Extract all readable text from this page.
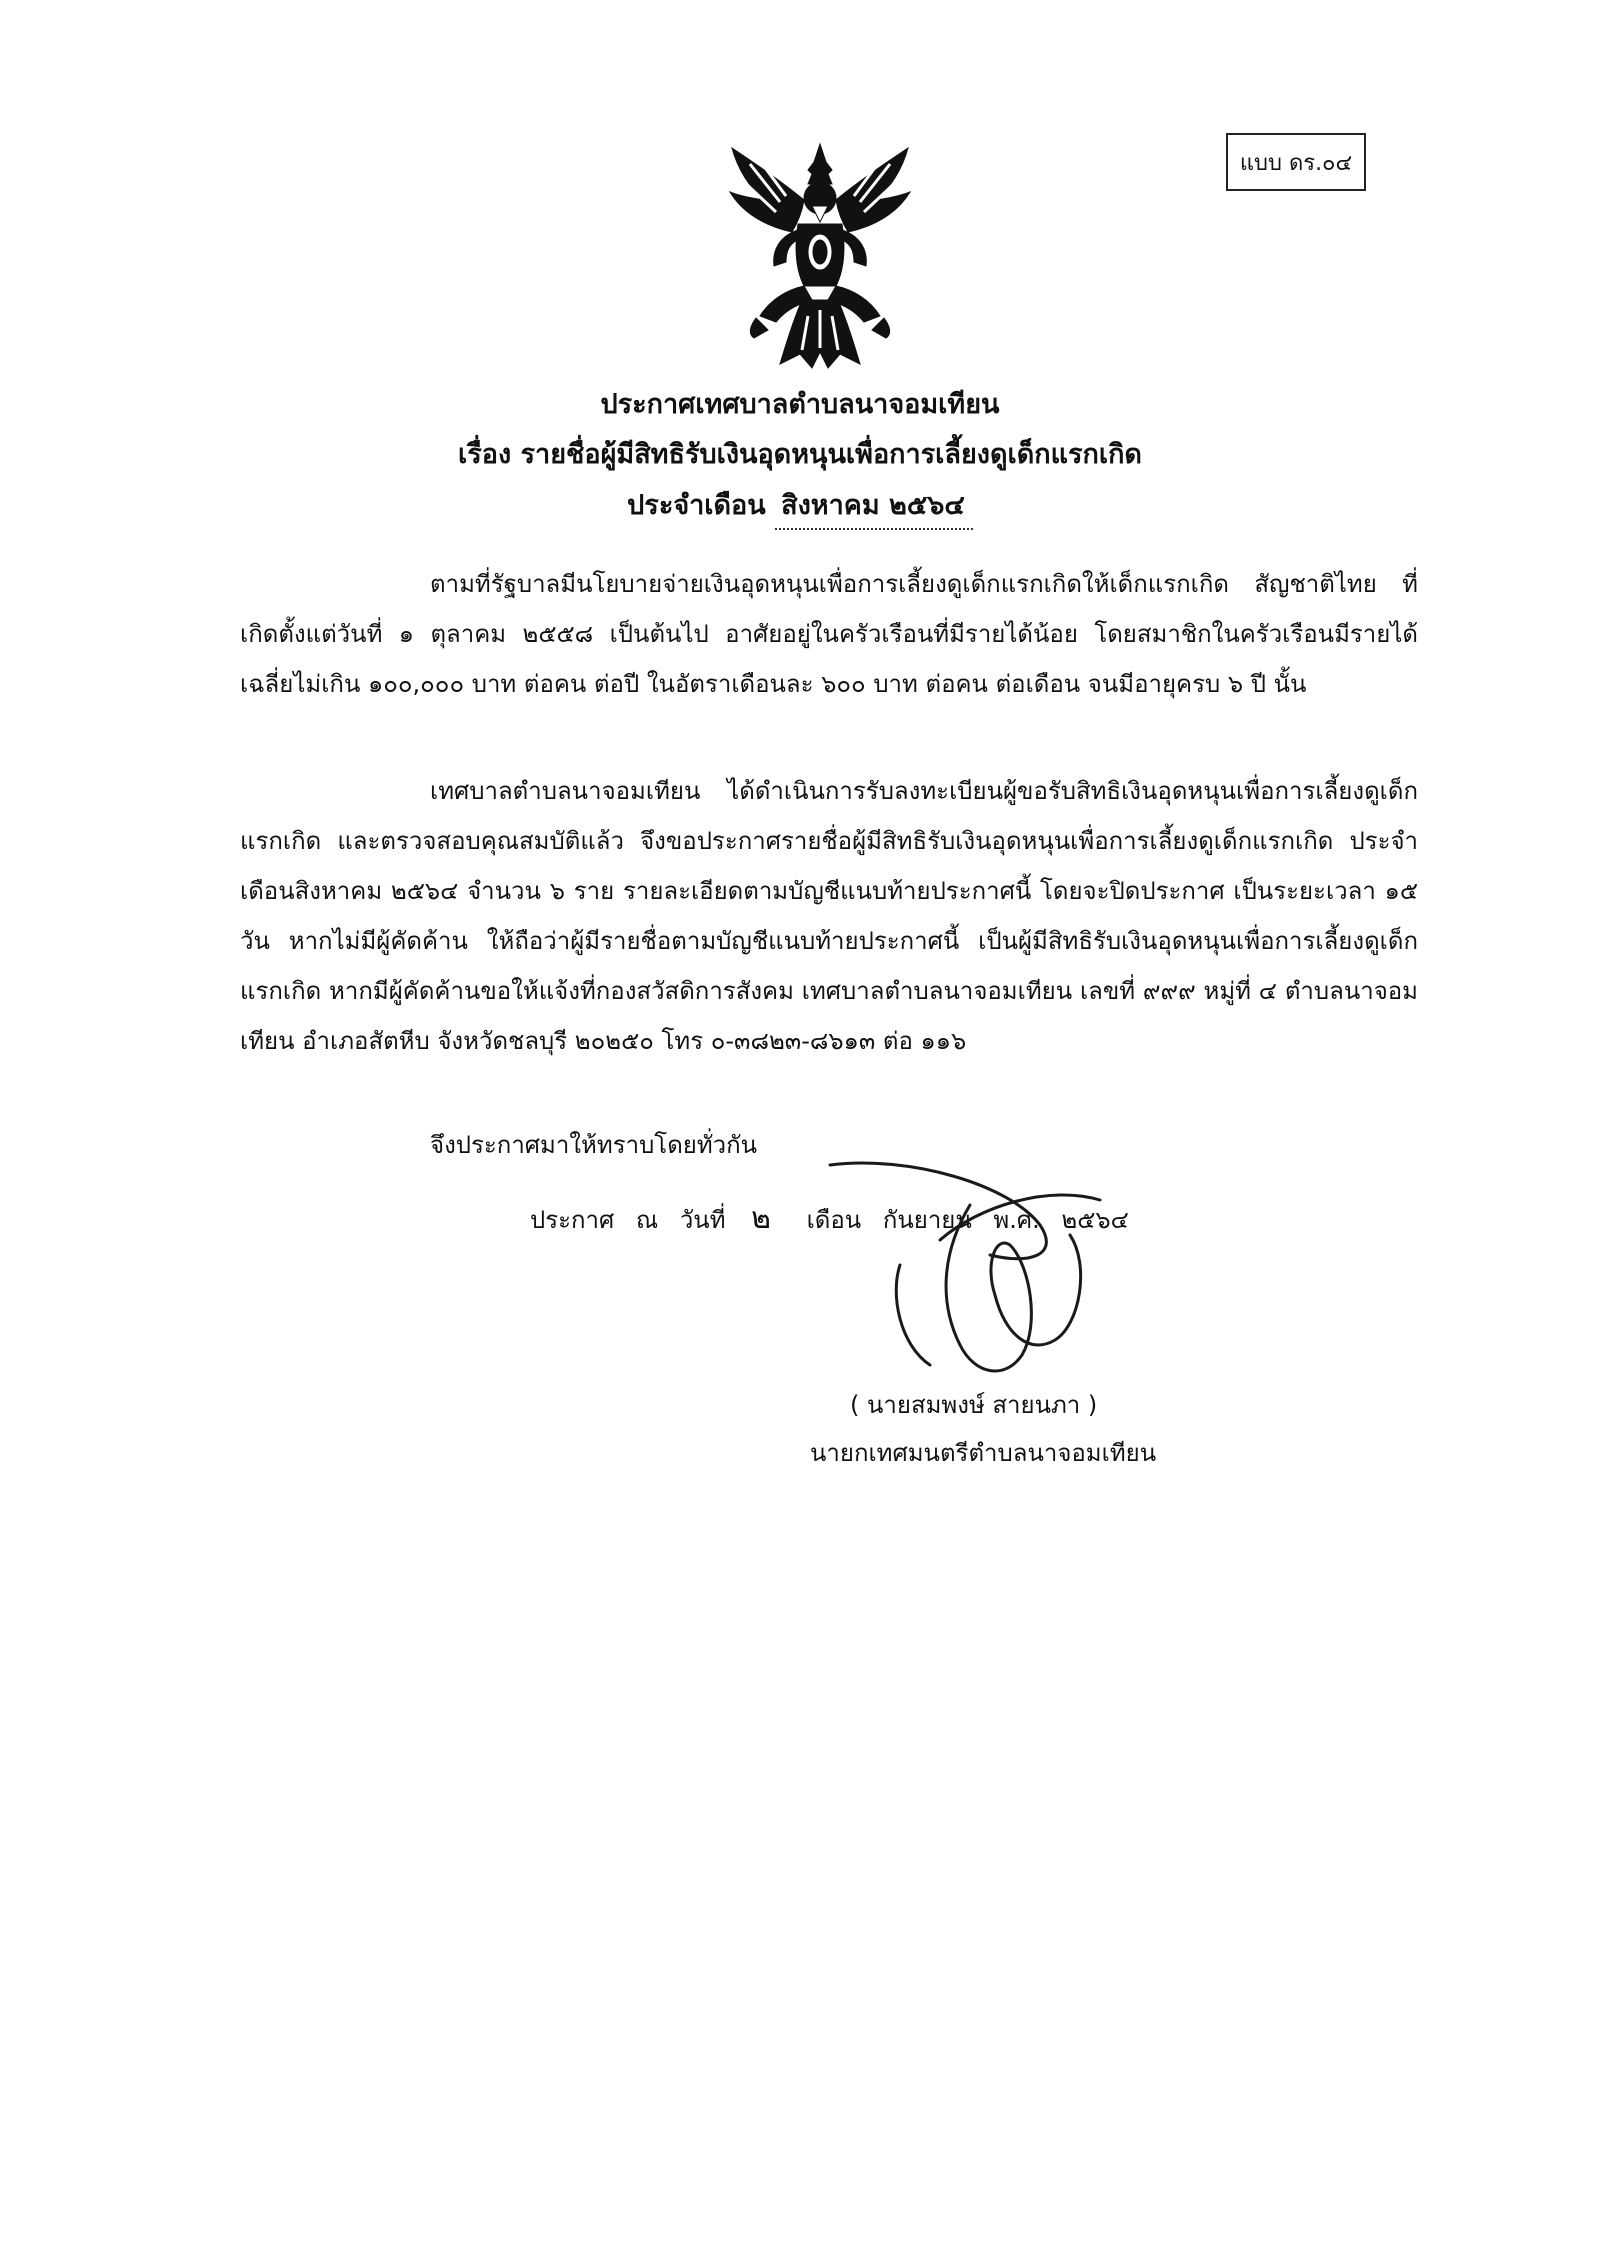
แบบ ดร.๐๔
ประกาศเทศบาลตำบลนาจอมเทียน
เรื่อง รายชื่อผู้มีสิทธิรับเงินอุดหนุนเพื่อการเลี้ยงดูเด็กแรกเกิด
ประจำเดือน สิงหาคม ๒๕๖๔
ตามที่รัฐบาลมีนโยบายจ่ายเงินอุดหนุนเพื่อการเลี้ยงดูเด็กแรกเกิดให้เด็กแรกเกิด สัญชาติไทย ที่เกิดตั้งแต่วันที่ ๑ ตุลาคม ๒๕๕๘ เป็นต้นไป อาศัยอยู่ในครัวเรือนที่มีรายได้น้อย โดยสมาชิกในครัวเรือนมีรายได้เฉลี่ยไม่เกิน ๑๐๐,๐๐๐ บาท ต่อคน ต่อปี ในอัตราเดือนละ ๖๐๐ บาท ต่อคน ต่อเดือน จนมีอายุครบ ๖ ปี นั้น
เทศบาลตำบลนาจอมเทียน ได้ดำเนินการรับลงทะเบียนผู้ขอรับสิทธิเงินอุดหนุนเพื่อการเลี้ยงดูเด็กแรกเกิด และตรวจสอบคุณสมบัติแล้ว จึงขอประกาศรายชื่อผู้มีสิทธิรับเงินอุดหนุนเพื่อการเลี้ยงดูเด็กแรกเกิด ประจำเดือนสิงหาคม ๒๕๖๔ จำนวน ๖ ราย รายละเอียดตามบัญชีแนบท้ายประกาศนี้ โดยจะปิดประกาศ เป็นระยะเวลา ๑๕ วัน หากไม่มีผู้คัดค้าน ให้ถือว่าผู้มีรายชื่อตามบัญชีแนบท้ายประกาศนี้ เป็นผู้มีสิทธิรับเงินอุดหนุนเพื่อการเลี้ยงดูเด็กแรกเกิด หากมีผู้คัดค้านขอให้แจ้งที่กองสวัสดิการสังคม เทศบาลตำบลนาจอมเทียน เลขที่ ๙๙๙ หมู่ที่ ๔ ตำบลนาจอมเทียน อำเภอสัตหีบ จังหวัดชลบุรี ๒๐๒๕๐ โทร ๐-๓๘๒๓-๘๖๑๓ ต่อ ๑๑๖
จึงประกาศมาให้ทราบโดยทั่วกัน
ประกาศ ณ วันที่ ๒ เดือน กันยายน พ.ศ. ๒๕๖๔
( นายสมพงษ์ สายนภา )
นายกเทศมนตรีตำบลนาจอมเทียน
